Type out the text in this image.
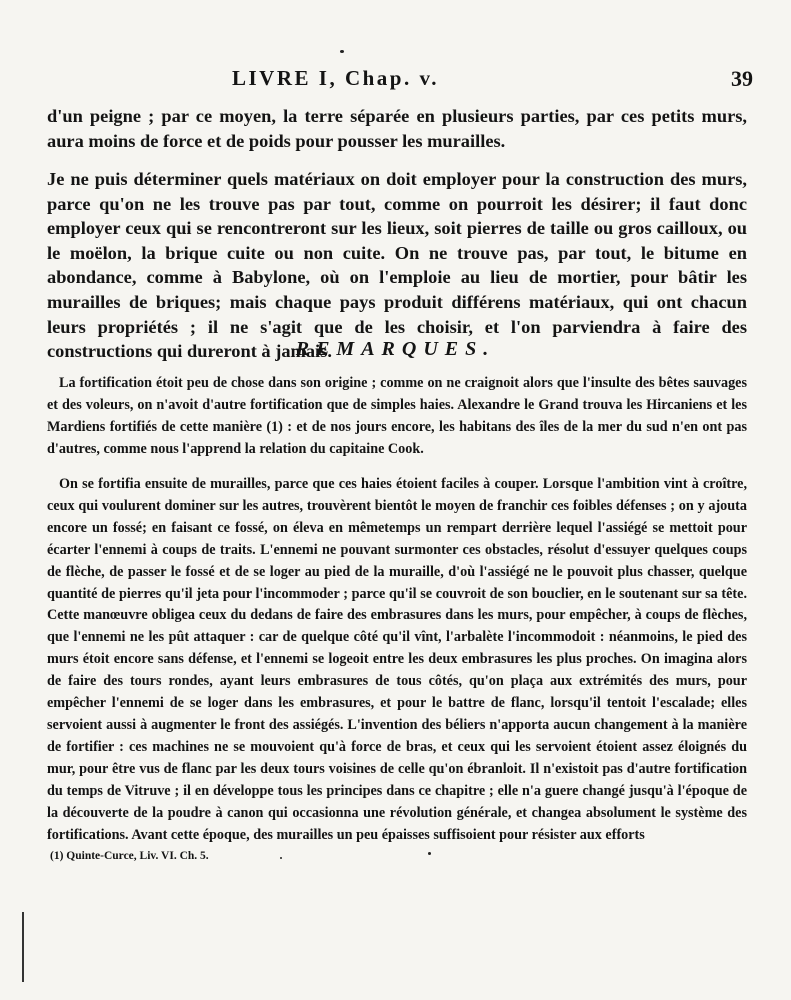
LIVRE I, Chap. v.	39

d'un peigne ; par ce moyen, la terre séparée en plusieurs parties, par ces petits murs, aura moins de force et de poids pour pousser les murailles.

Je ne puis déterminer quels matériaux on doit employer pour la construction des murs, parce qu'on ne les trouve pas par tout, comme on pourroit les désirer; il faut donc employer ceux qui se rencontreront sur les lieux, soit pierres de taille ou gros cailloux, ou le moëlon, la brique cuite ou non cuite. On ne trouve pas, par tout, le bitume en abondance, comme à Babylone, où on l'emploie au lieu de mortier, pour bâtir les murailles de briques; mais chaque pays produit différens matériaux, qui ont chacun leurs propriétés ; il ne s'agit que de les choisir, et l'on parviendra à faire des constructions qui dureront à jamais.

REMARQUES.

La fortification étoit peu de chose dans son origine ; comme on ne craignoit alors que l'insulte des bêtes sauvages et des voleurs, on n'avoit d'autre fortification que de simples haies. Alexandre le Grand trouva les Hircaniens et les Mardiens fortifiés de cette manière (1) : et de nos jours encore, les habitans des îles de la mer du sud n'en ont pas d'autres, comme nous l'apprend la relation du capitaine Cook.

On se fortifia ensuite de murailles, parce que ces haies étoient faciles à couper. Lorsque l'ambition vint à croître, ceux qui voulurent dominer sur les autres, trouvèrent bientôt le moyen de franchir ces foibles défenses ; on y ajouta encore un fossé; en faisant ce fossé, on éleva en mêmetemps un rempart derrière lequel l'assiégé se mettoit pour écarter l'ennemi à coups de traits. L'ennemi ne pouvant surmonter ces obstacles, résolut d'essuyer quelques coups de flèche, de passer le fossé et de se loger au pied de la muraille, d'où l'assiégé ne le pouvoit plus chasser, quelque quantité de pierres qu'il jeta pour l'incommoder ; parce qu'il se couvroit de son bouclier, en le soutenant sur sa tête. Cette manœuvre obligea ceux du dedans de faire des embrasures dans les murs, pour empêcher, à coups de flèches, que l'ennemi ne les pût attaquer : car de quelque côté qu'il vînt, l'arbalète l'incommodoit : néanmoins, le pied des murs étoit encore sans défense, et l'ennemi se logeoit entre les deux embrasures les plus proches. On imagina alors de faire des tours rondes, ayant leurs embrasures de tous côtés, qu'on plaça aux extrémités des murs, pour empêcher l'ennemi de se loger dans les embrasures, et pour le battre de flanc, lorsqu'il tentoit l'escalade; elles servoient aussi à augmenter le front des assiégés. L'invention des béliers n'apporta aucun changement à la manière de fortifier : ces machines ne se mouvoient qu'à force de bras, et ceux qui les servoient étoient assez éloignés du mur, pour être vus de flanc par les deux tours voisines de celle qu'on ébranloit. Il n'existoit pas d'autre fortification du temps de Vitruve ; il en développe tous les principes dans ce chapitre ; elle n'a guere changé jusqu'à l'époque de la découverte de la poudre à canon qui occasionna une révolution générale, et changea absolument le système des fortifications. Avant cette époque, des murailles un peu épaisses suffisoient pour résister aux efforts

(1) Quinte-Curce, Liv. VI. Ch. 5.
